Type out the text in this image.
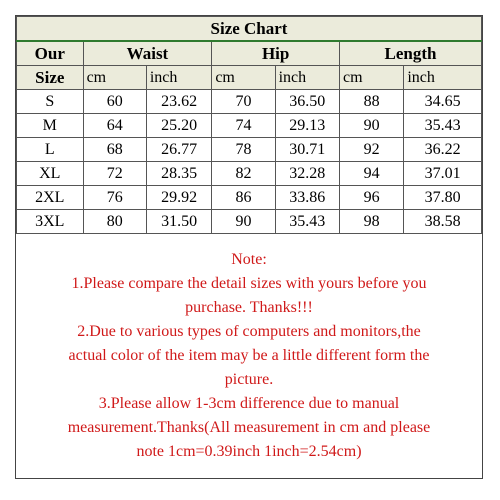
Size Chart						
Our	Waist		Hip		Length	
Size	cm	inch	cm	inch	cm	inch
S	60	23.62	70	36.50	88	34.65
M	64	25.20	74	29.13	90	35.43
L	68	26.77	78	30.71	92	36.22
XL	72	28.35	82	32.28	94	37.01
2XL	76	29.92	86	33.86	96	37.80
3XL	80	31.50	90	35.43	98	38.58

Note:

1.Please compare the detail sizes with yours before you

purchase. Thanks!!!

2.Due to various types of computers and monitors,the

actual color of the item may be a little different form the

picture.

3.Please allow 1-3cm difference due to manual

measurement.Thanks(All measurement in cm and please

note 1cm=0.39inch 1inch=2.54cm)
